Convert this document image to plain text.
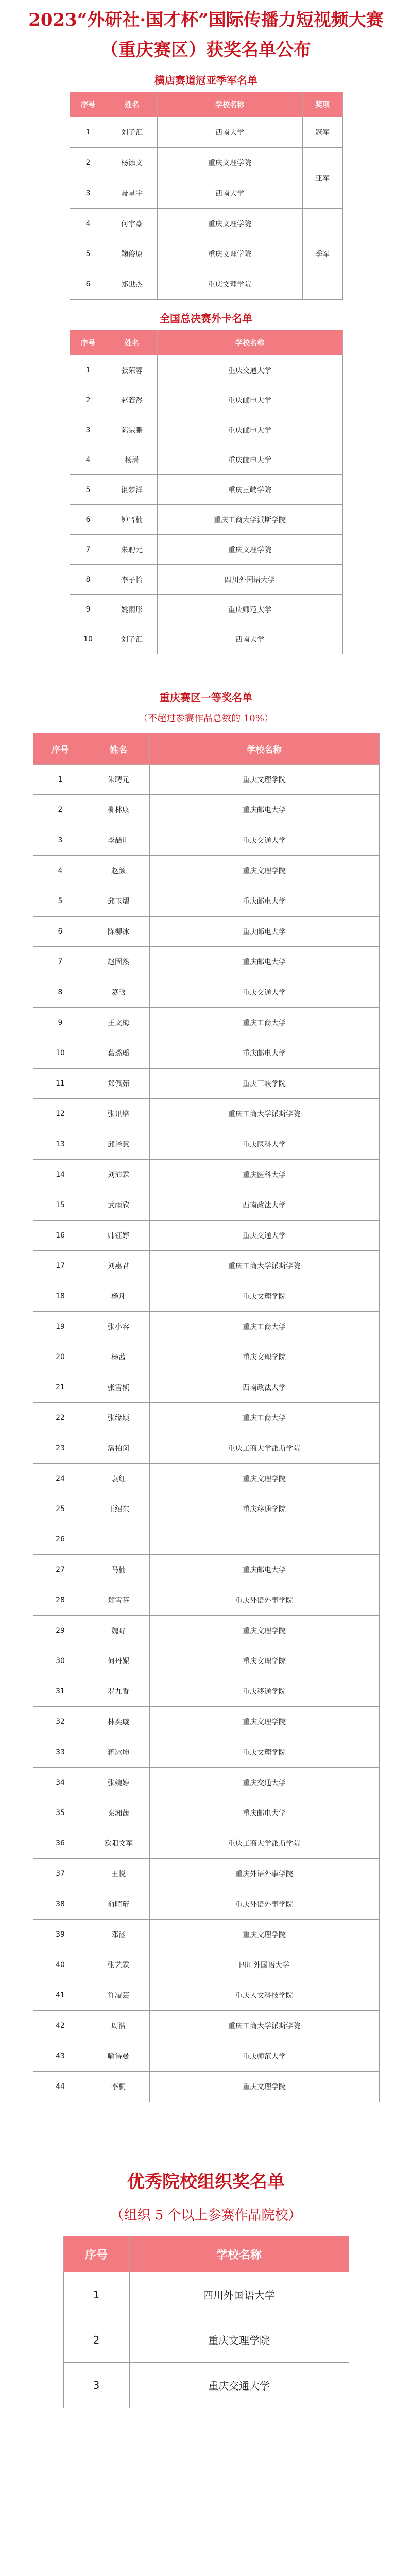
2023“外研社·国才杯”国际传播力短视频大赛

（重庆赛区）获奖名单公布

横店赛道冠亚季军名单

序号	姓名	学校名称	奖项
1	刘子汇	西南大学	冠军
2	杨添文	重庆文理学院	亚军
3	聂星宇	西南大学	
4	何宇豪	重庆文理学院	季军
5	鞠俊原	重庆文理学院	
6	郑世杰	重庆文理学院	

全国总决赛外卡名单

序号	姓名	学校名称
1	张荣蓉	重庆交通大学
2	赵若涔	重庆邮电大学
3	陈宗鹏	重庆邮电大学
4	杨潇	重庆邮电大学
5	诅梦洋	重庆三峡学院
6	钟晋楠	重庆工商大学派斯学院
7	朱聘元	重庆文理学院
8	李子怡	四川外国语大学
9	姚雨彤	重庆师范大学
10	刘子汇	西南大学

重庆赛区一等奖名单

（不超过参赛作品总数的 10%）

序号	姓名	学校名称
1	朱聘元	重庆文理学院
2	柳林康	重庆邮电大学
3	李喆川	重庆交通大学
4	赵颜	重庆文理学院
5	邱玉熠	重庆邮电大学
6	陈柳冰	重庆邮电大学
7	赵固然	重庆邮电大学
8	葛晗	重庆交通大学
9	王文梅	重庆工商大学
10	葛璐瑶	重庆邮电大学
11	郑佩茹	重庆三峡学院
12	张讯培	重庆工商大学派斯学院
13	邱译慧	重庆医科大学
14	刘沛霖	重庆医科大学
15	武雨欣	西南政法大学
16	帅钰婷	重庆交通大学
17	刘惠君	重庆工商大学派斯学院
18	杨凡	重庆文理学院
19	张小容	重庆工商大学
20	杨茜	重庆文理学院
21	张雪桢	西南政法大学
22	张缘颖	重庆工商大学
23	潘柏闵	重庆工商大学派斯学院
24	袁红	重庆文理学院
25	王绍东	重庆移通学院
26		
27	马楠	重庆邮电大学
28	郑雪芬	重庆外语外事学院
29	魏野	重庆文理学院
30	何丹妮	重庆文理学院
31	罗九香	重庆移通学院
32	林奕璇	重庆文理学院
33	蒋冰坤	重庆文理学院
34	张婉婷	重庆交通大学
35	秦湘茜	重庆邮电大学
36	欧阳文军	重庆工商大学派斯学院
37	王悦	重庆外语外事学院
38	俞晴珩	重庆外语外事学院
39	邓涵	重庆文理学院
40	张艺霖	四川外国语大学
41	许凌芸	重庆人文科技学院
42	周浩	重庆工商大学派斯学院
43	喻诗曼	重庆师范大学
44	李桐	重庆文理学院

优秀院校组织奖名单

（组织 5 个以上参赛作品院校）

序号	学校名称
1	四川外国语大学
2	重庆文理学院
3	重庆交通大学
